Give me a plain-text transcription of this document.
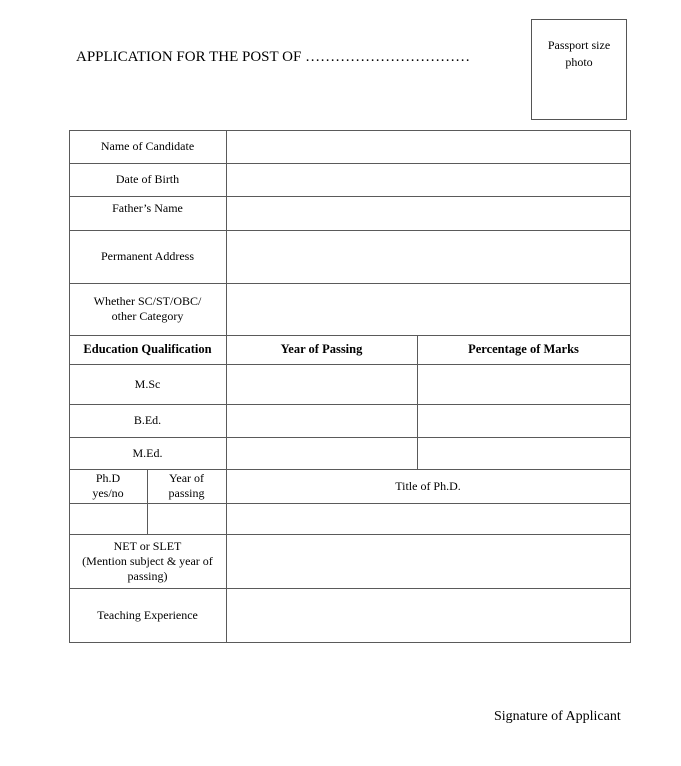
APPLICATION FOR THE POST OF ……………………………
Passport size
photo
Name of Candidate
Date of Birth
Father’s Name
Permanent Address
Whether SC/ST/OBC/
other Category
Education Qualification	Year of Passing	Percentage of Marks
M.Sc
B.Ed.
M.Ed.
Ph.D
yes/no
Year of
passing
Title of Ph.D.
NET or SLET
(Mention subject & year of
passing)
Teaching Experience
Signature of Applicant
